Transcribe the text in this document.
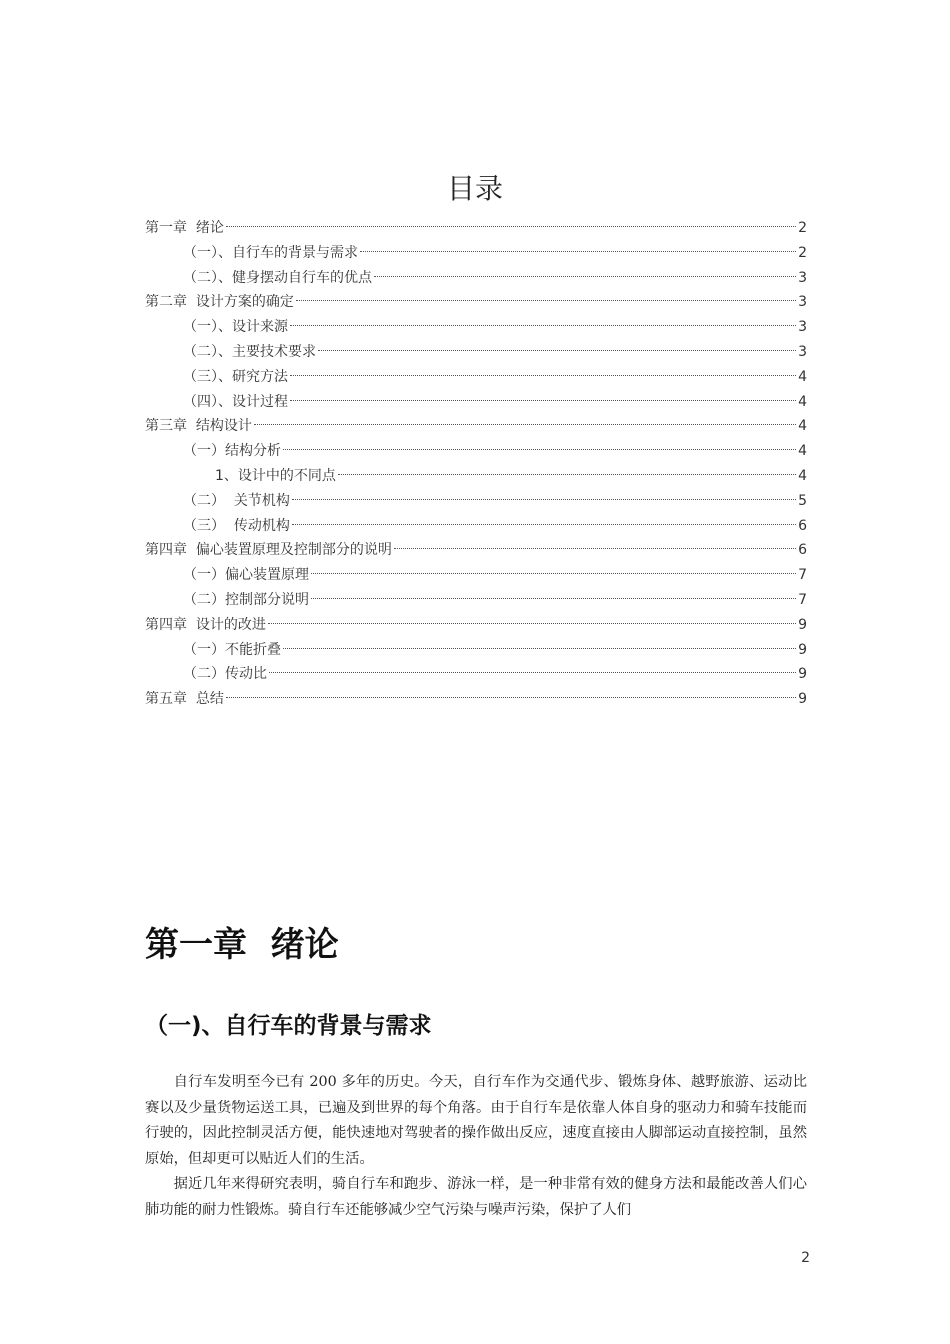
目录
第一章  绪论	2
（一）、自行车的背景与需求	2
（二）、健身摆动自行车的优点	3
第二章  设计方案的确定	3
（一）、设计来源	3
（二）、主要技术要求	3
（三）、研究方法	4
（四）、设计过程	4
第三章  结构设计	4
（一）结构分析	4
1、设计中的不同点	4
（二）  关节机构	5
（三）  传动机构	6
第四章  偏心装置原理及控制部分的说明	6
（一）偏心装置原理	7
（二）控制部分说明	7
第四章  设计的改进	9
（一）不能折叠	9
（二）传动比	9
第五章  总结	9
第一章  绪论
（一)、自行车的背景与需求

自行车发明至今已有 200 多年的历史。今天，自行车作为交通代步、锻炼身体、越野旅游、运动比赛以及少量货物运送工具，已遍及到世界的每个角落。由于自行车是依靠人体自身的驱动力和骑车技能而行驶的，因此控制灵活方便，能快速地对驾驶者的操作做出反应，速度直接由人脚部运动直接控制，虽然原始，但却更可以贴近人们的生活。

据近几年来得研究表明，骑自行车和跑步、游泳一样，是一种非常有效的健身方法和最能改善人们心肺功能的耐力性锻炼。骑自行车还能够减少空气污染与噪声污染，保护了人们

2
